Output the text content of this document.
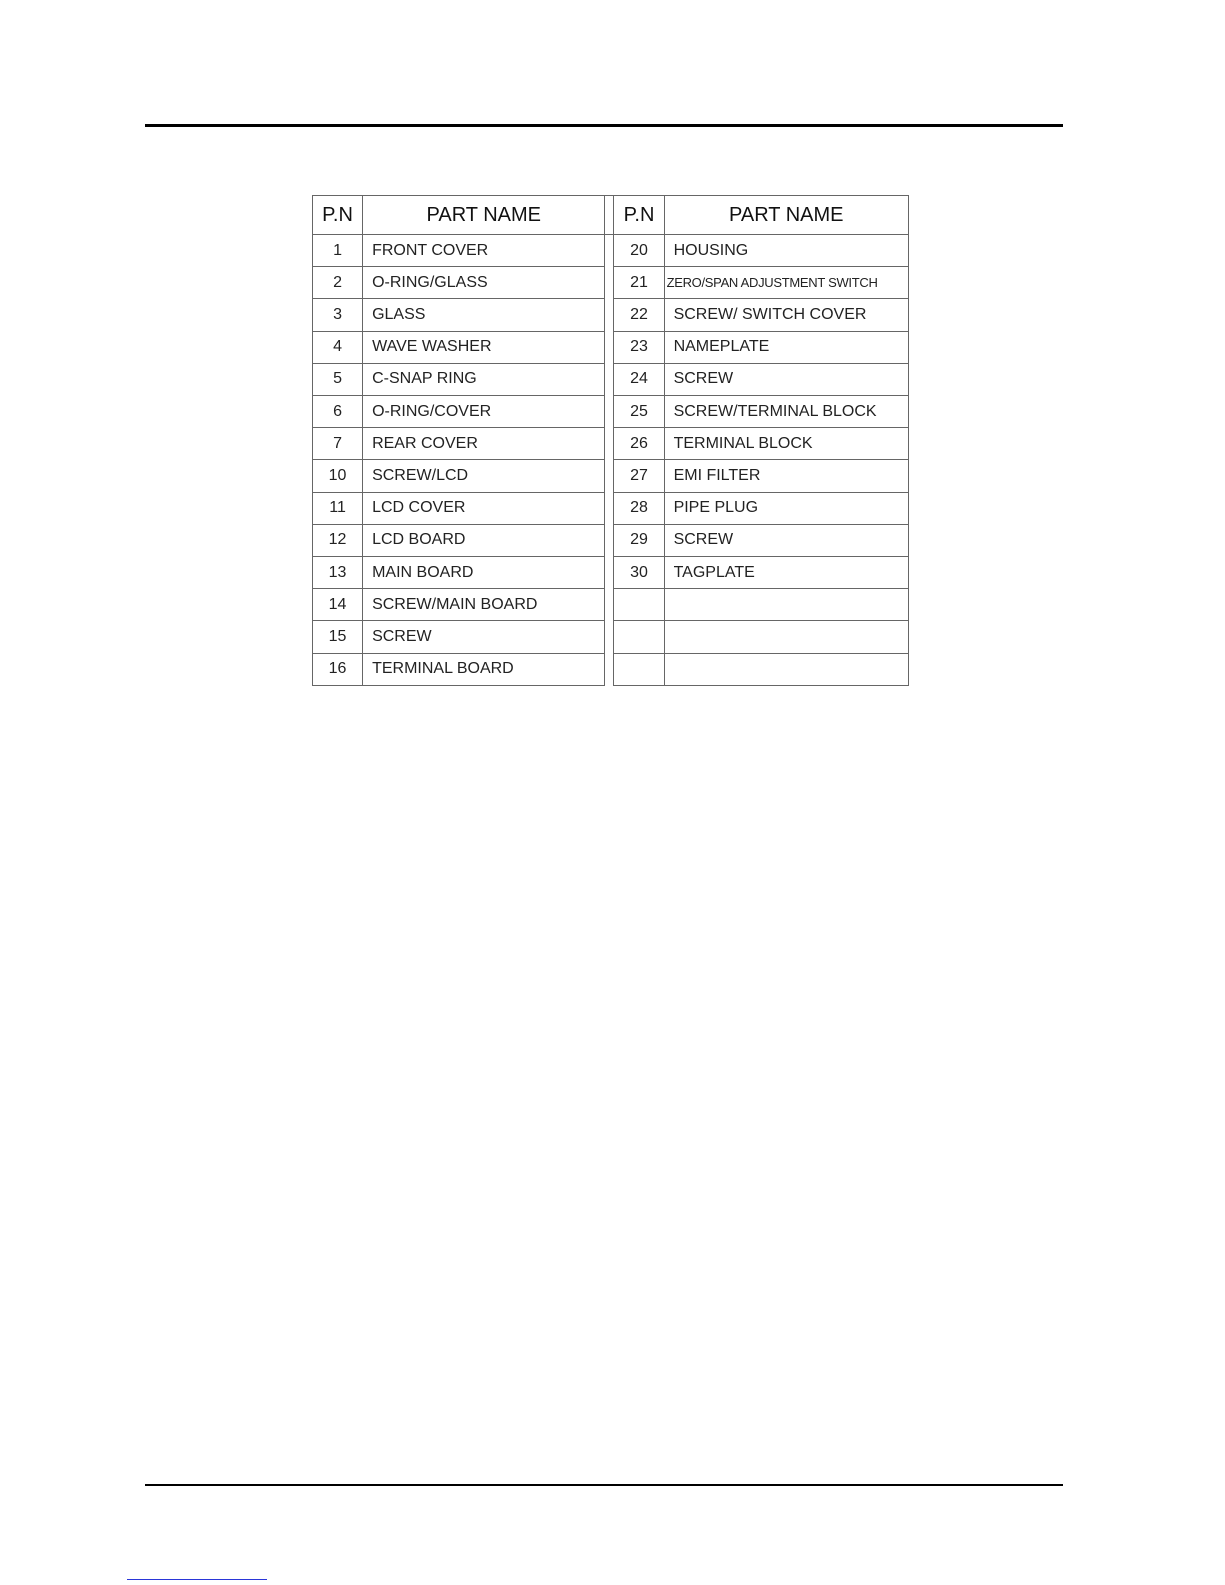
P.N	PART NAME		P.N	PART NAME
1	FRONT COVER		20	HOUSING
2	O-RING/GLASS		21	ZERO/SPAN ADJUSTMENT SWITCH
3	GLASS		22	SCREW/ SWITCH COVER
4	WAVE WASHER		23	NAMEPLATE
5	C-SNAP RING		24	SCREW
6	O-RING/COVER		25	SCREW/TERMINAL BLOCK
7	REAR COVER		26	TERMINAL BLOCK
10	SCREW/LCD		27	EMI FILTER
11	LCD COVER		28	PIPE PLUG
12	LCD BOARD		29	SCREW
13	MAIN BOARD		30	TAGPLATE
14	SCREW/MAIN BOARD			
15	SCREW			
16	TERMINAL BOARD			
